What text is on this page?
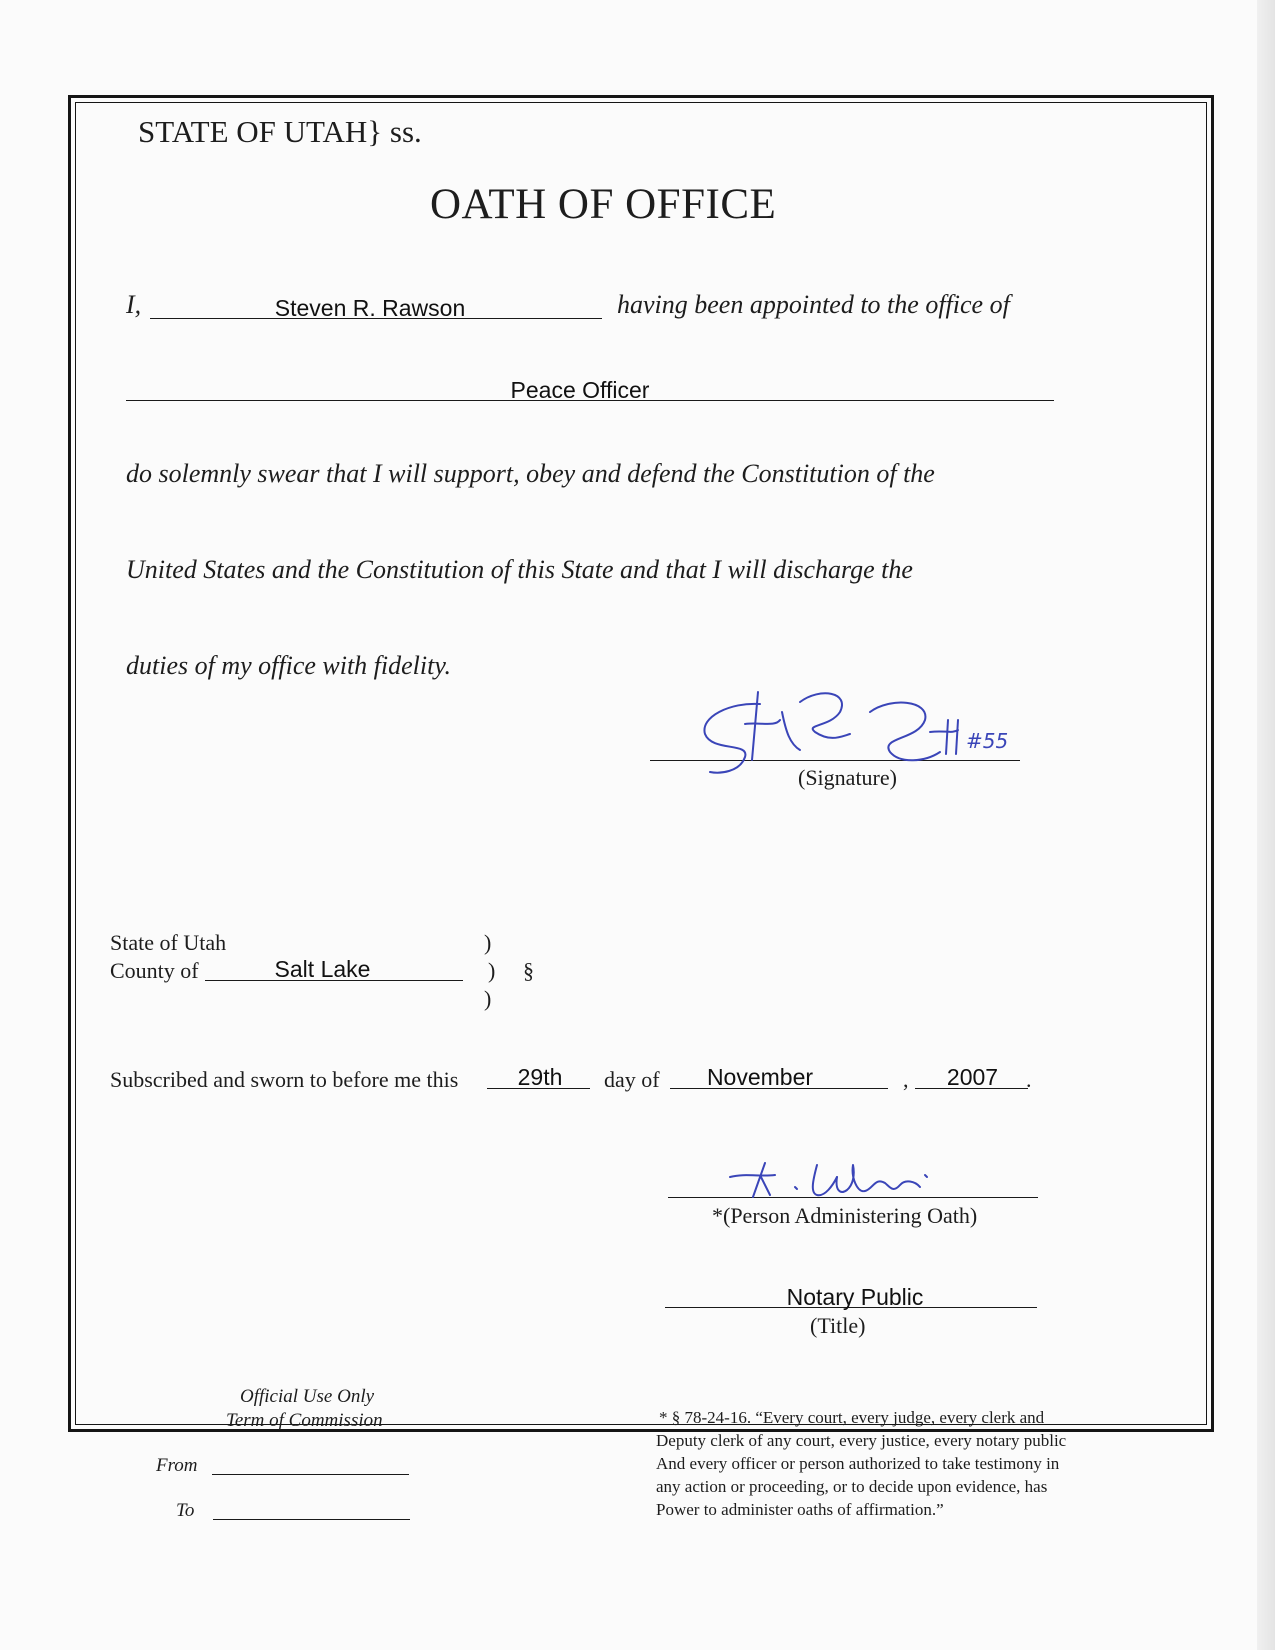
STATE OF UTAH} ss.
OATH OF OFFICE
I,	Steven R. Rawson	having been appointed to the office of
Peace Officer
do solemnly swear that I will support, obey and defend the Constitution of the
United States and the Constitution of this State and that I will discharge the
duties of my office with fidelity.
#55
(Signature)
State of Utah
County of	Salt Lake
)
)
)
§
Subscribed and sworn to before me this	29th	day of	November	,	2007	.
*(Person Administering Oath)
Notary Public
(Title)
Official Use Only
Term of Commission
From
To
* § 78-24-16. “Every court, every judge, every clerk and
Deputy clerk of any court, every justice, every notary public
And every officer or person authorized to take testimony in
any action or proceeding, or to decide upon evidence, has
Power to administer oaths of affirmation.”
